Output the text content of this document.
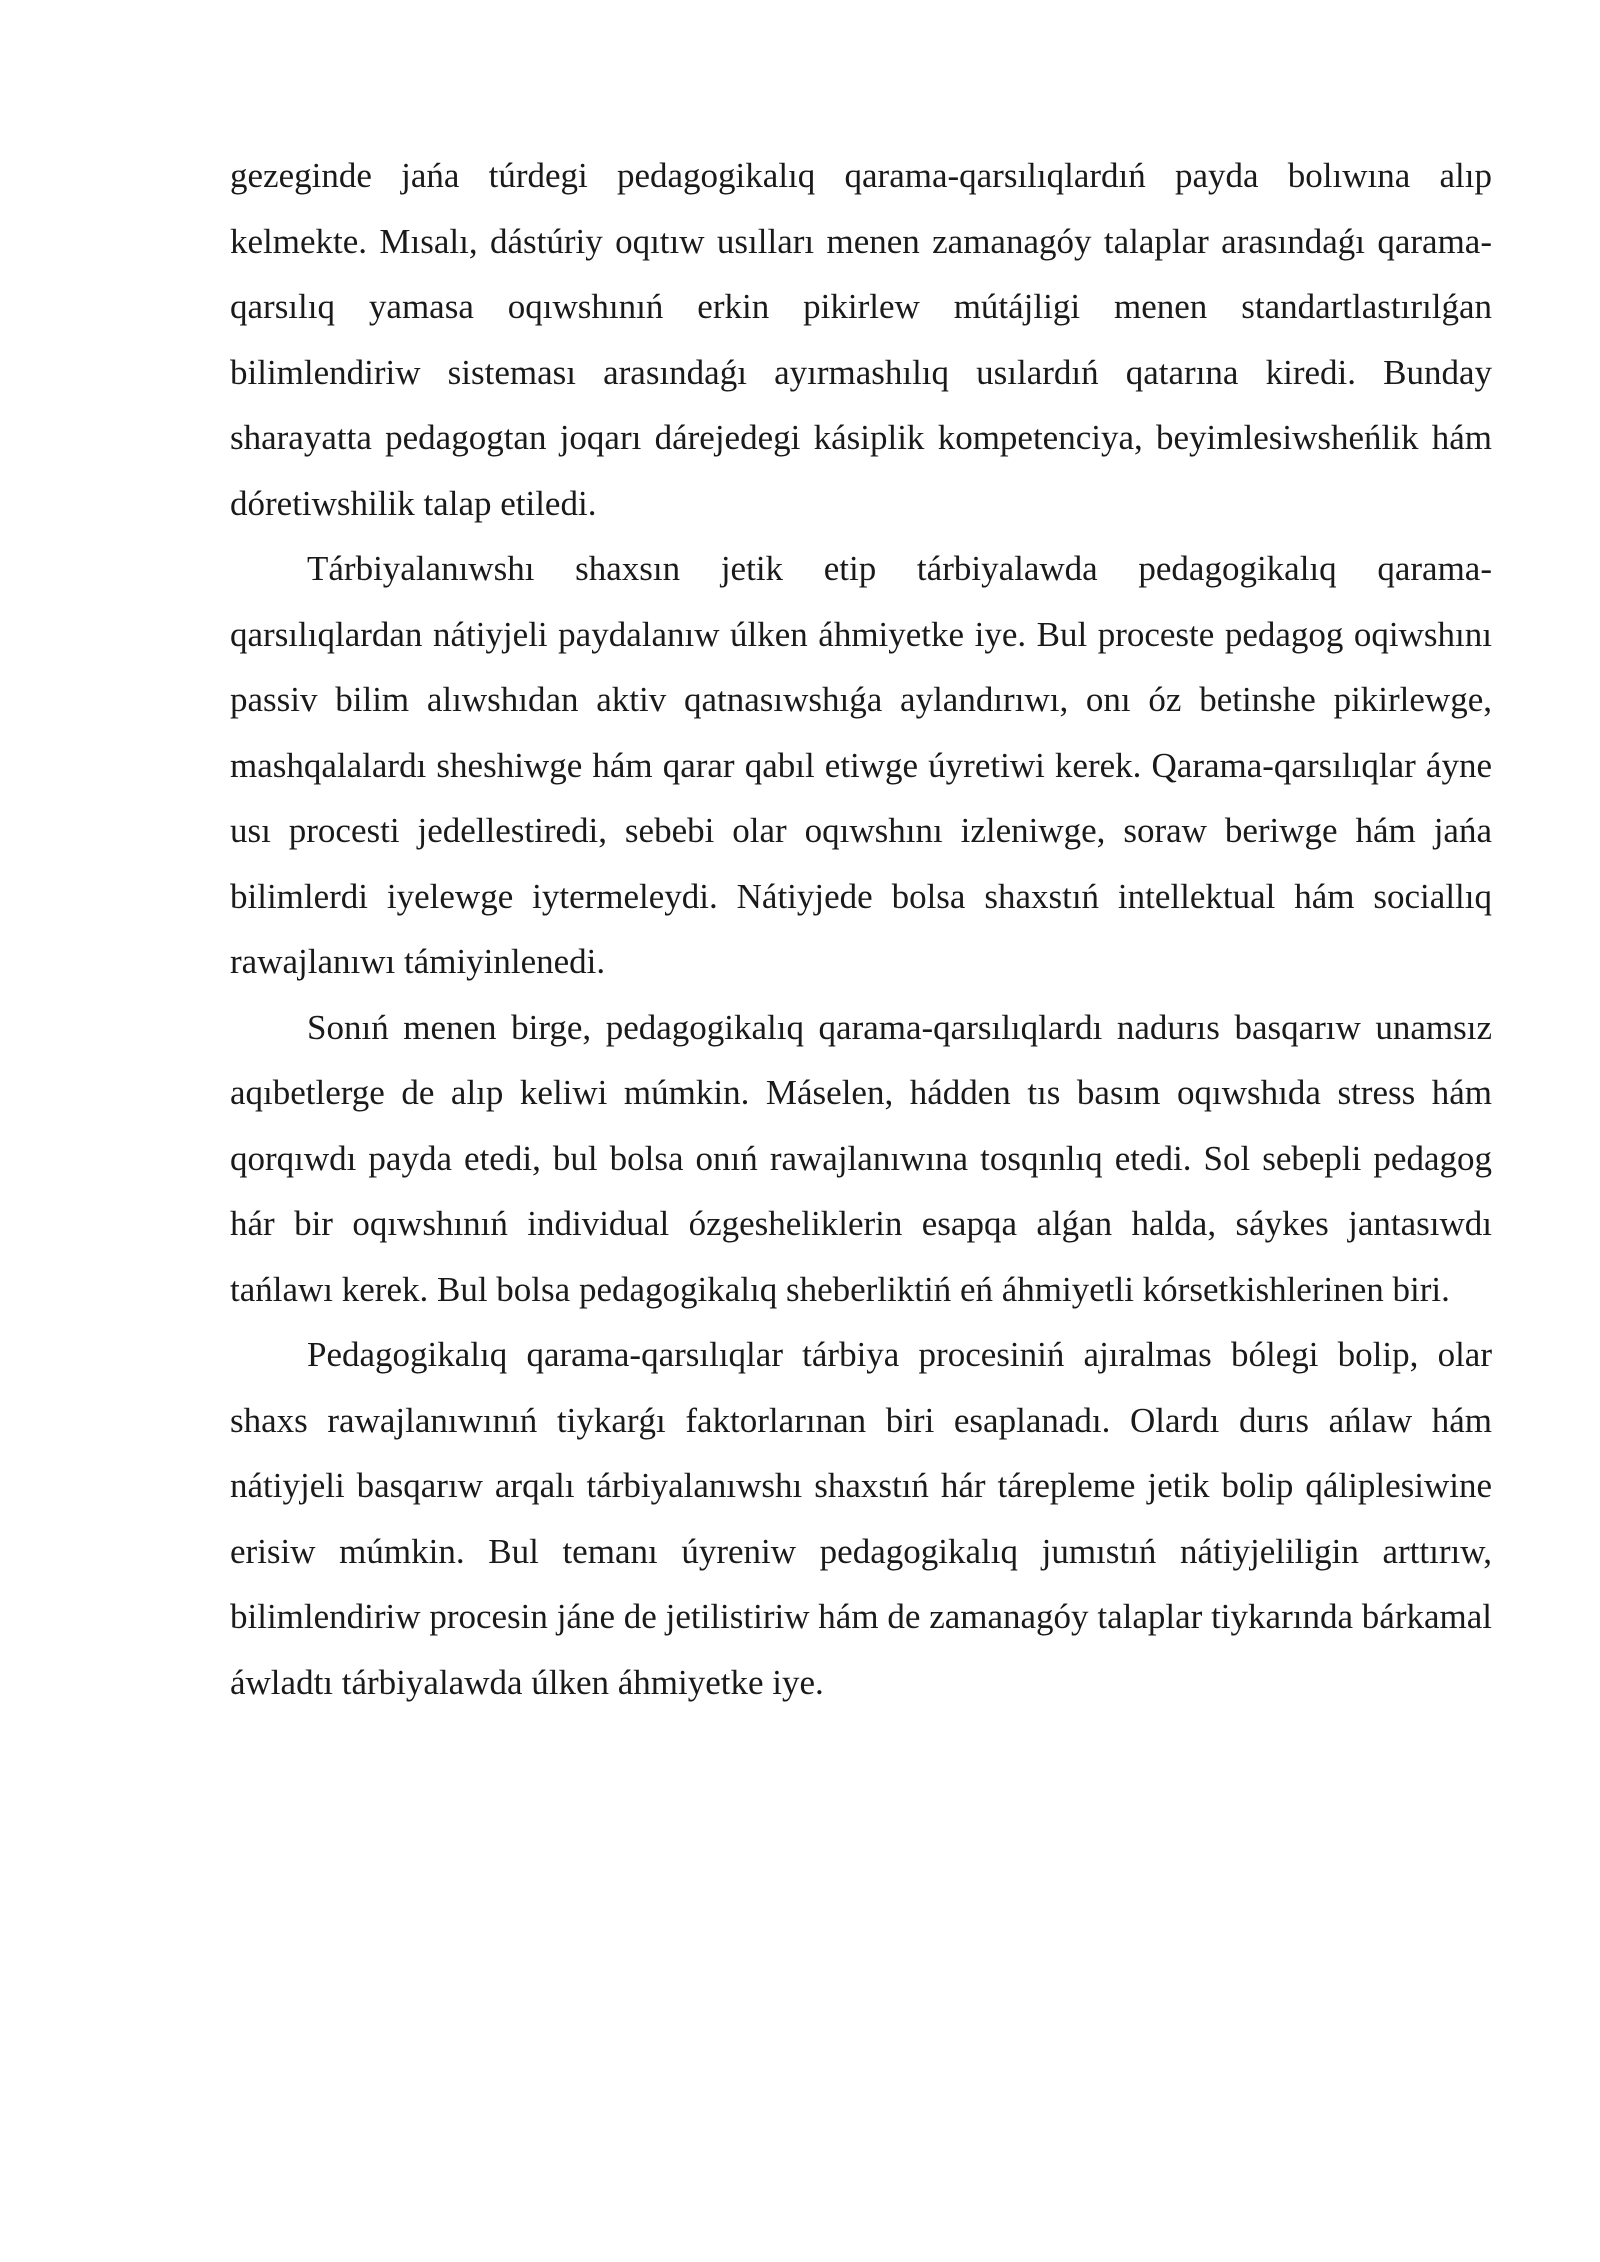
gezeginde jańa túrdegi pedagogikalıq qarama-qarsılıqlardıń payda bolıwına alıp kelmekte. Mısalı, dástúriy oqıtıw usılları menen zamanagóy talaplar arasındaǵı qarama-qarsılıq yamasa oqıwshınıń erkin pikirlew mútájligi menen standartlastırılǵan bilimlendiriw sisteması arasındaǵı ayırmashılıq usılardıń qatarına kiredi. Bunday sharayatta pedagogtan joqarı dárejedegi kásiplik kompetenciya, beyimlesiwsheńlik hám dóretiwshilik talap etiledi.

Tárbiyalanıwshı shaxsın jetik etip tárbiyalawda pedagogikalıq qarama-qarsılıqlardan nátiyjeli paydalanıw úlken áhmiyetke iye. Bul proceste pedagog oqiwshını passiv bilim alıwshıdan aktiv qatnasıwshıǵa aylandırıwı, onı óz betinshe pikirlewge, mashqalalardı sheshiwge hám qarar qabıl etiwge úyretiwi kerek. Qarama-qarsılıqlar áyne usı procesti jedellestiredi, sebebi olar oqıwshını izleniwge, soraw beriwge hám jańa bilimlerdi iyelewge iytermeleydi. Nátiyjede bolsa shaxstıń intellektual hám sociallıq rawajlanıwı támiyinlenedi.

Sonıń menen birge, pedagogikalıq qarama-qarsılıqlardı nadurıs basqarıw unamsız aqıbetlerge de alıp keliwi múmkin. Máselen, hádden tıs basım oqıwshıda stress hám qorqıwdı payda etedi, bul bolsa onıń rawajlanıwına tosqınlıq etedi. Sol sebepli pedagog hár bir oqıwshınıń individual ózgesheliklerin esapqa alǵan halda, sáykes jantasıwdı tańlawı kerek. Bul bolsa pedagogikalıq sheberliktiń eń áhmiyetli kórsetkishlerinen biri.

Pedagogikalıq qarama-qarsılıqlar tárbiya procesiniń ajıralmas bólegi bolip, olar shaxs rawajlanıwınıń tiykarǵı faktorlarınan biri esaplanadı. Olardı durıs ańlaw hám nátiyjeli basqarıw arqalı tárbiyalanıwshı shaxstıń hár tárepleme jetik bolip qáliplesiwine erisiw múmkin. Bul temanı úyreniw pedagogikalıq jumıstıń nátiyjeliligin arttırıw, bilimlendiriw procesin jáne de jetilistiriw hám de zamanagóy talaplar tiykarında bárkamal áwladtı tárbiyalawda úlken áhmiyetke iye.
